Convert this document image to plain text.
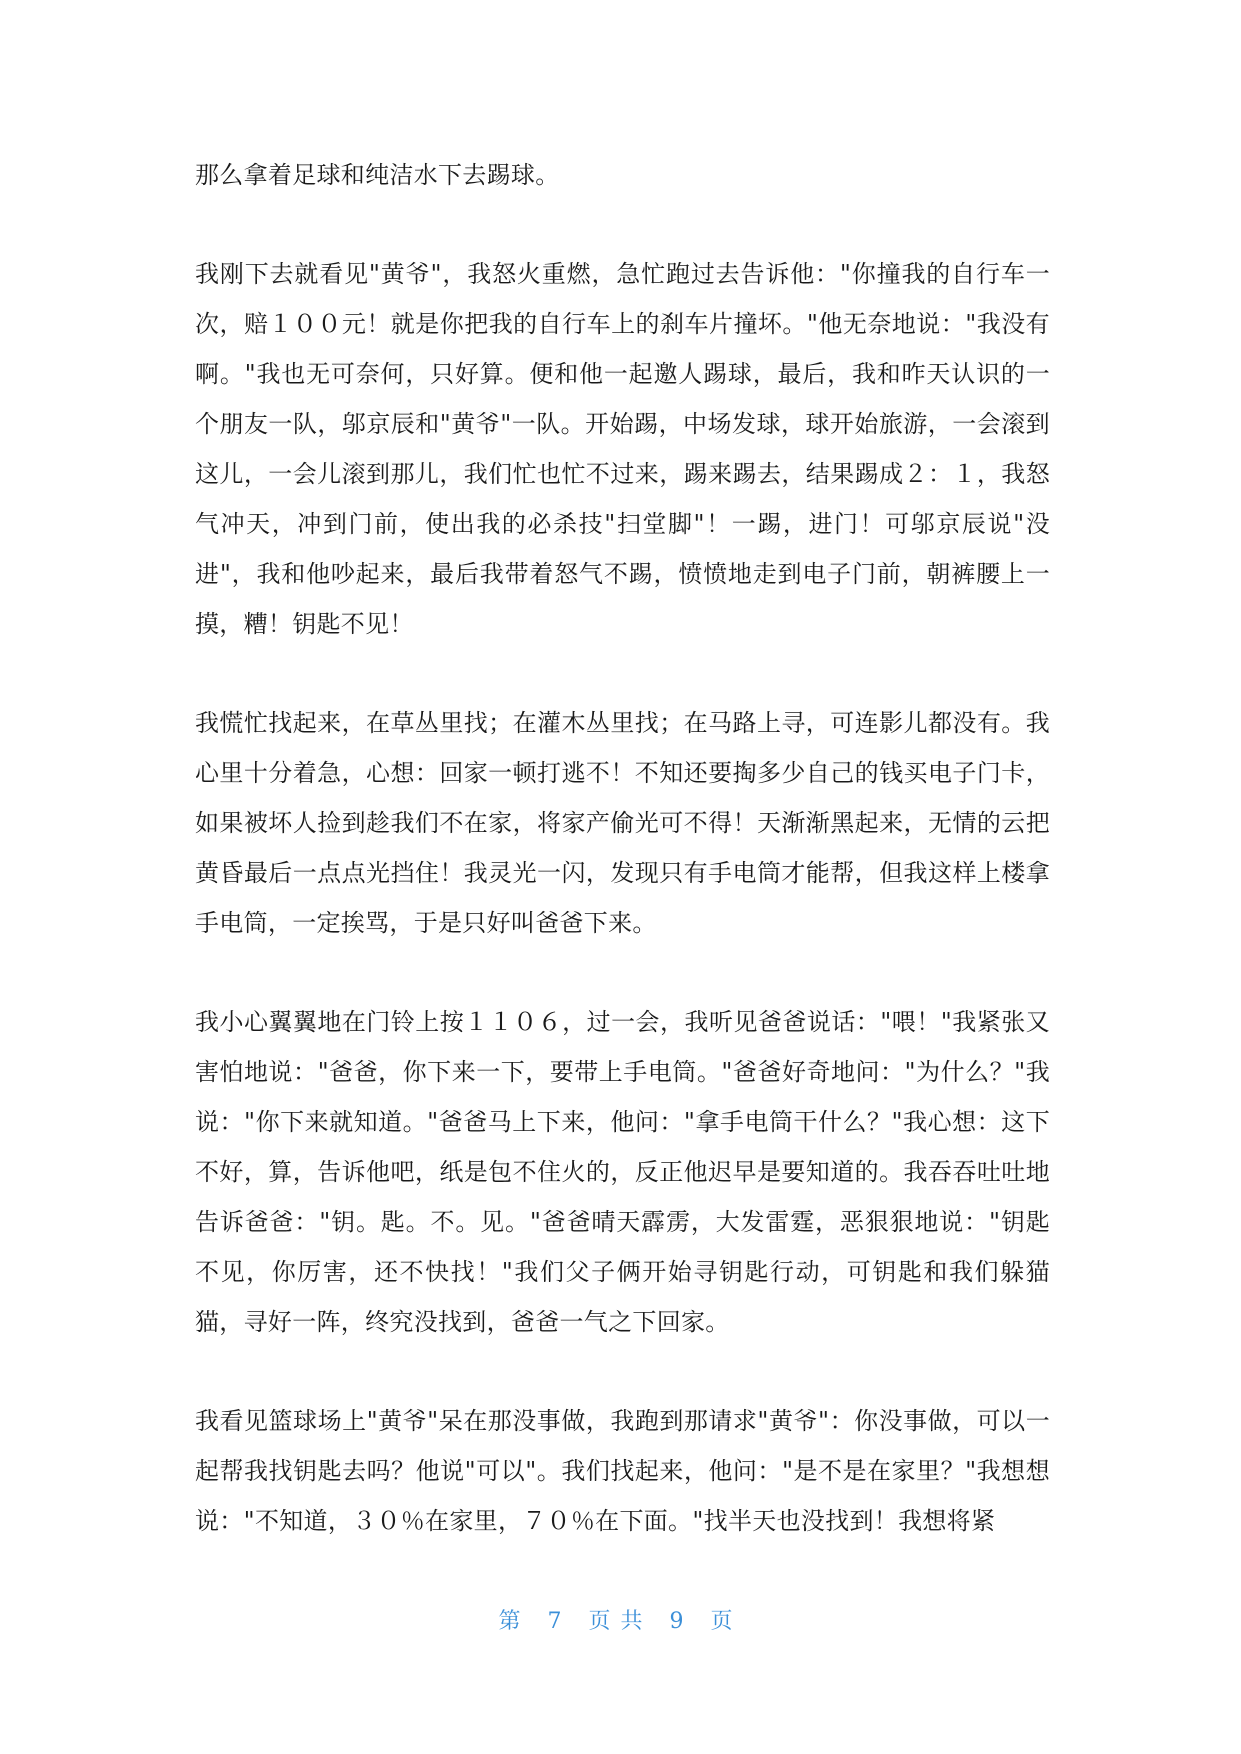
那么拿着足球和纯洁水下去踢球。

我刚下去就看见"黄爷"，我怒火重燃，急忙跑过去告诉他："你撞我的自行车一次，赔１００元！就是你把我的自行车上的刹车片撞坏。"他无奈地说："我没有啊。"我也无可奈何，只好算。便和他一起邀人踢球，最后，我和昨天认识的一个朋友一队，邬京辰和"黄爷"一队。开始踢，中场发球，球开始旅游，一会滚到这儿，一会儿滚到那儿，我们忙也忙不过来，踢来踢去，结果踢成２：１，我怒气冲天，冲到门前，使出我的必杀技"扫堂脚"！一踢，进门！可邬京辰说"没进"，我和他吵起来，最后我带着怒气不踢，愤愤地走到电子门前，朝裤腰上一摸，糟！钥匙不见！

我慌忙找起来，在草丛里找；在灌木丛里找；在马路上寻，可连影儿都没有。我心里十分着急，心想：回家一顿打逃不！不知还要掏多少自己的钱买电子门卡，如果被坏人捡到趁我们不在家，将家产偷光可不得！天渐渐黑起来，无情的云把黄昏最后一点点光挡住！我灵光一闪，发现只有手电筒才能帮，但我这样上楼拿手电筒，一定挨骂，于是只好叫爸爸下来。

我小心翼翼地在门铃上按１１０６，过一会，我听见爸爸说话："喂！"我紧张又害怕地说："爸爸，你下来一下，要带上手电筒。"爸爸好奇地问："为什么？"我说："你下来就知道。"爸爸马上下来，他问："拿手电筒干什么？"我心想：这下不好，算，告诉他吧，纸是包不住火的，反正他迟早是要知道的。我吞吞吐吐地告诉爸爸："钥。匙。不。见。"爸爸晴天霹雳，大发雷霆，恶狠狠地说："钥匙不见，你厉害，还不快找！"我们父子俩开始寻钥匙行动，可钥匙和我们躲猫猫，寻好一阵，终究没找到，爸爸一气之下回家。

我看见篮球场上"黄爷"呆在那没事做，我跑到那请求"黄爷"：你没事做，可以一起帮我找钥匙去吗？他说"可以"。我们找起来，他问："是不是在家里？"我想想说："不知道，３０％在家里，７０％在下面。"找半天也没找到！我想将紧

第 7 页共 9 页
